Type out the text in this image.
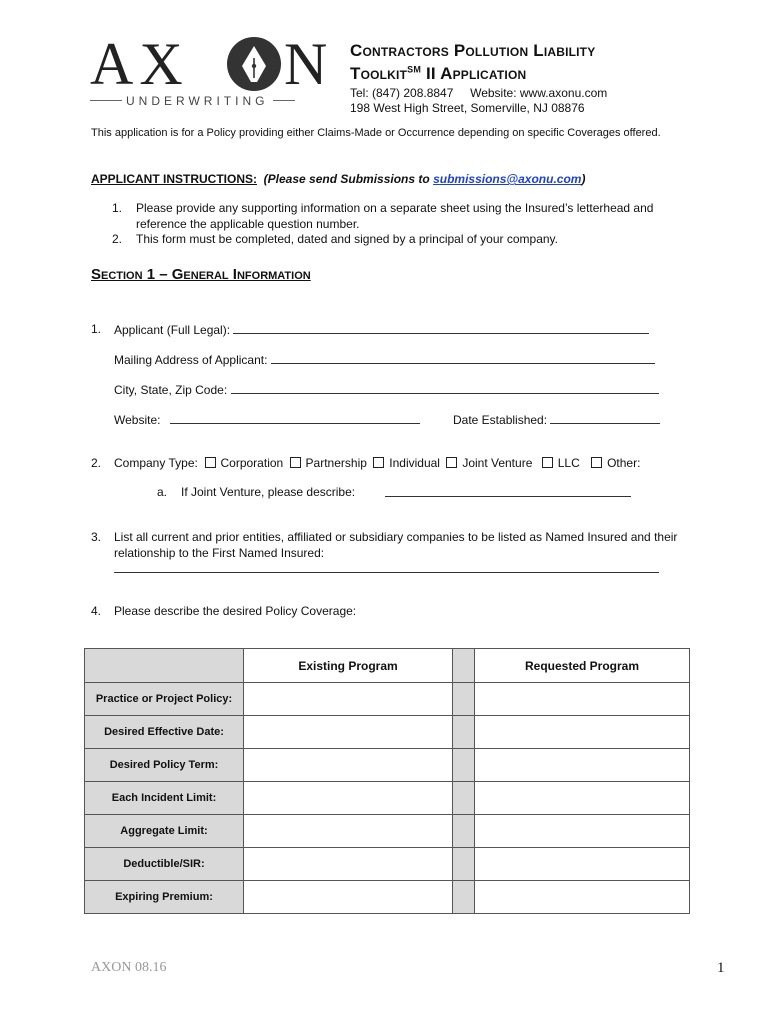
AX N
UNDERWRITING
Contractors Pollution Liability
Toolkit℠ II Application
Tel: (847) 208.8847 Website: www.axonu.com
198 West High Street, Somerville, NJ 08876
This application is for a Policy providing either Claims-Made or Occurrence depending on specific Coverages offered.
APPLICANT INSTRUCTIONS: (Please send Submissions to submissions@axonu.com)
1. Please provide any supporting information on a separate sheet using the Insured’s letterhead and
reference the applicable question number.
2. This form must be completed, dated and signed by a principal of your company.
Section 1 – General Information
1. Applicant (Full Legal):
Mailing Address of Applicant:
City, State, Zip Code:
Website:	Date Established:
2. Company Type: Corporation Partnership Individual Joint Venture LLC Other:
a. If Joint Venture, please describe:
3. List all current and prior entities, affiliated or subsidiary companies to be listed as Named Insured and their
relationship to the First Named Insured:
4. Please describe the desired Policy Coverage:
	Existing Program		Requested Program
Practice or Project Policy:			
Desired Effective Date:			
Desired Policy Term:			
Each Incident Limit:			
Aggregate Limit:			
Deductible/SIR:			
Expiring Premium:			
AXON 08.16	1
